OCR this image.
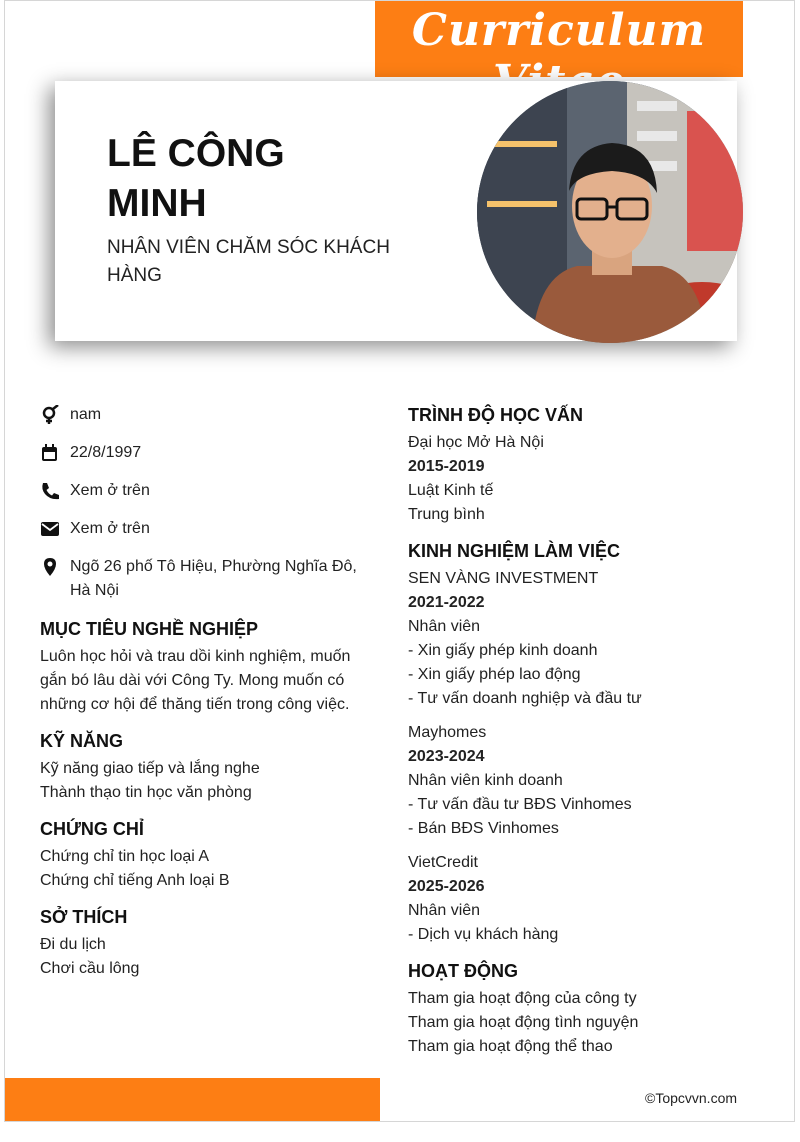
Curriculum
LÊ CÔNG MINH
NHÂN VIÊN CHĂM SÓC KHÁCH HÀNG
nam
22/8/1997
Xem ở trên
Xem ở trên
Ngõ 26 phố Tô Hiệu, Phường Nghĩa Đô, Hà Nội
MỤC TIÊU NGHỀ NGHIỆP
Luôn học hỏi và trau dồi kinh nghiệm, muốn gắn bó lâu dài với Công Ty. Mong muốn có những cơ hội để thăng tiến trong công việc.
KỸ NĂNG
Kỹ năng giao tiếp và lắng nghe
Thành thạo tin học văn phòng
CHỨNG CHỈ
Chứng chỉ tin học loại A
Chứng chỉ tiếng Anh loại B
SỞ THÍCH
Đi du lịch
Chơi cầu lông
TRÌNH ĐỘ HỌC VẤN
Đại học Mở Hà Nội
2015-2019
Luật Kinh tế
Trung bình
KINH NGHIỆM LÀM VIỆC
SEN VÀNG INVESTMENT
2021-2022
Nhân viên
- Xin giấy phép kinh doanh
- Xin giấy phép lao động
- Tư vấn doanh nghiệp và đầu tư
Mayhomes
2023-2024
Nhân viên kinh doanh
- Tư vấn đầu tư BĐS Vinhomes
- Bán BĐS Vinhomes
VietCredit
2025-2026
Nhân viên
- Dịch vụ khách hàng
HOẠT ĐỘNG
Tham gia hoạt động của công ty
Tham gia hoạt động tình nguyện
Tham gia hoạt động thể thao
©Topcvvn.com
